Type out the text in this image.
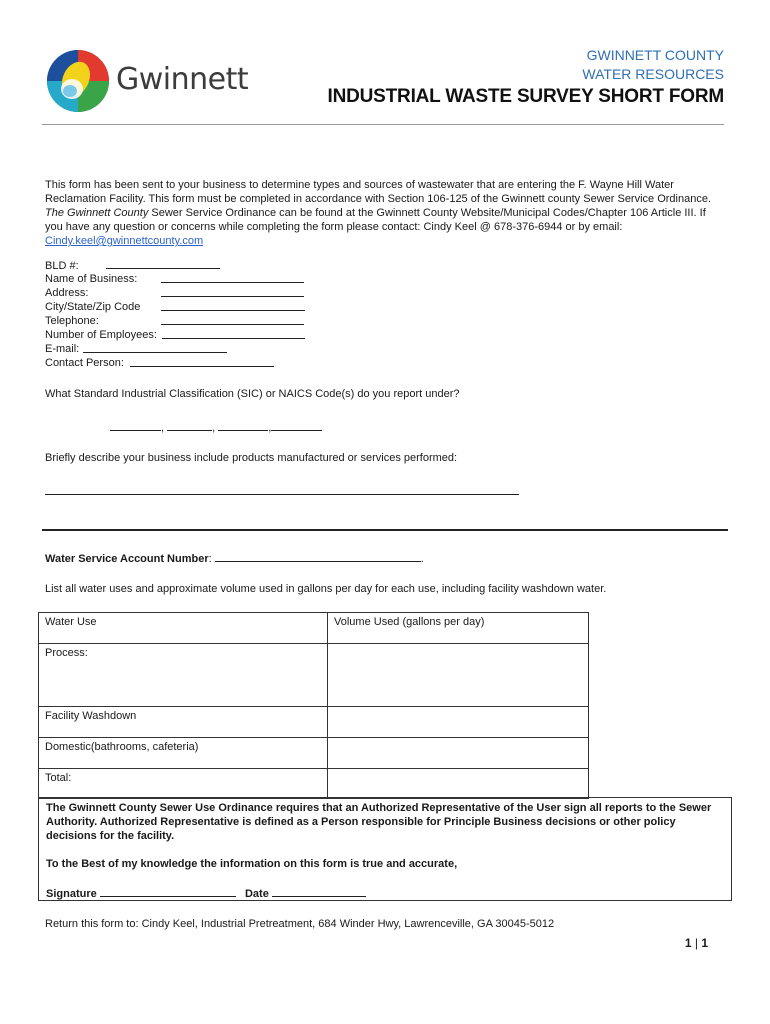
Gwinnett
GWINNETT COUNTY
WATER RESOURCES
INDUSTRIAL WASTE SURVEY SHORT FORM
This form has been sent to your business to determine types and sources of wastewater that are entering the F. Wayne Hill Water Reclamation Facility. This form must be completed in accordance with Section 106-125 of the Gwinnett county Sewer Service Ordinance. The Gwinnett County Sewer Service Ordinance can be found at the Gwinnett County Website/Municipal Codes/Chapter 106 Article III. If you have any question or concerns while completing the form please contact: Cindy Keel @ 678-376-6944 or by email:
Cindy.keel@gwinnettcounty.com
BLD #:
Name of Business:
Address:
City/State/Zip Code
Telephone:
Number of Employees:
E-mail:
Contact Person:
What Standard Industrial Classification (SIC) or NAICS Code(s) do you report under?
,	,	,
Briefly describe your business include products manufactured or services performed:
Water Service Account Number:	.
List all water uses and approximate volume used in gallons per day for each use, including facility washdown water.
Water Use	Volume Used (gallons per day)
Process:	
Facility Washdown	
Domestic(bathrooms, cafeteria)	
Total:	
The Gwinnett County Sewer Use Ordinance requires that an Authorized Representative of the User sign all reports to the Sewer Authority. Authorized Representative is defined as a Person responsible for Principle Business decisions or other policy decisions for the facility.
To the Best of my knowledge the information on this form is true and accurate,
Signature	Date
Return this form to: Cindy Keel, Industrial Pretreatment, 684 Winder Hwy, Lawrenceville, GA 30045-5012
1 | 1
